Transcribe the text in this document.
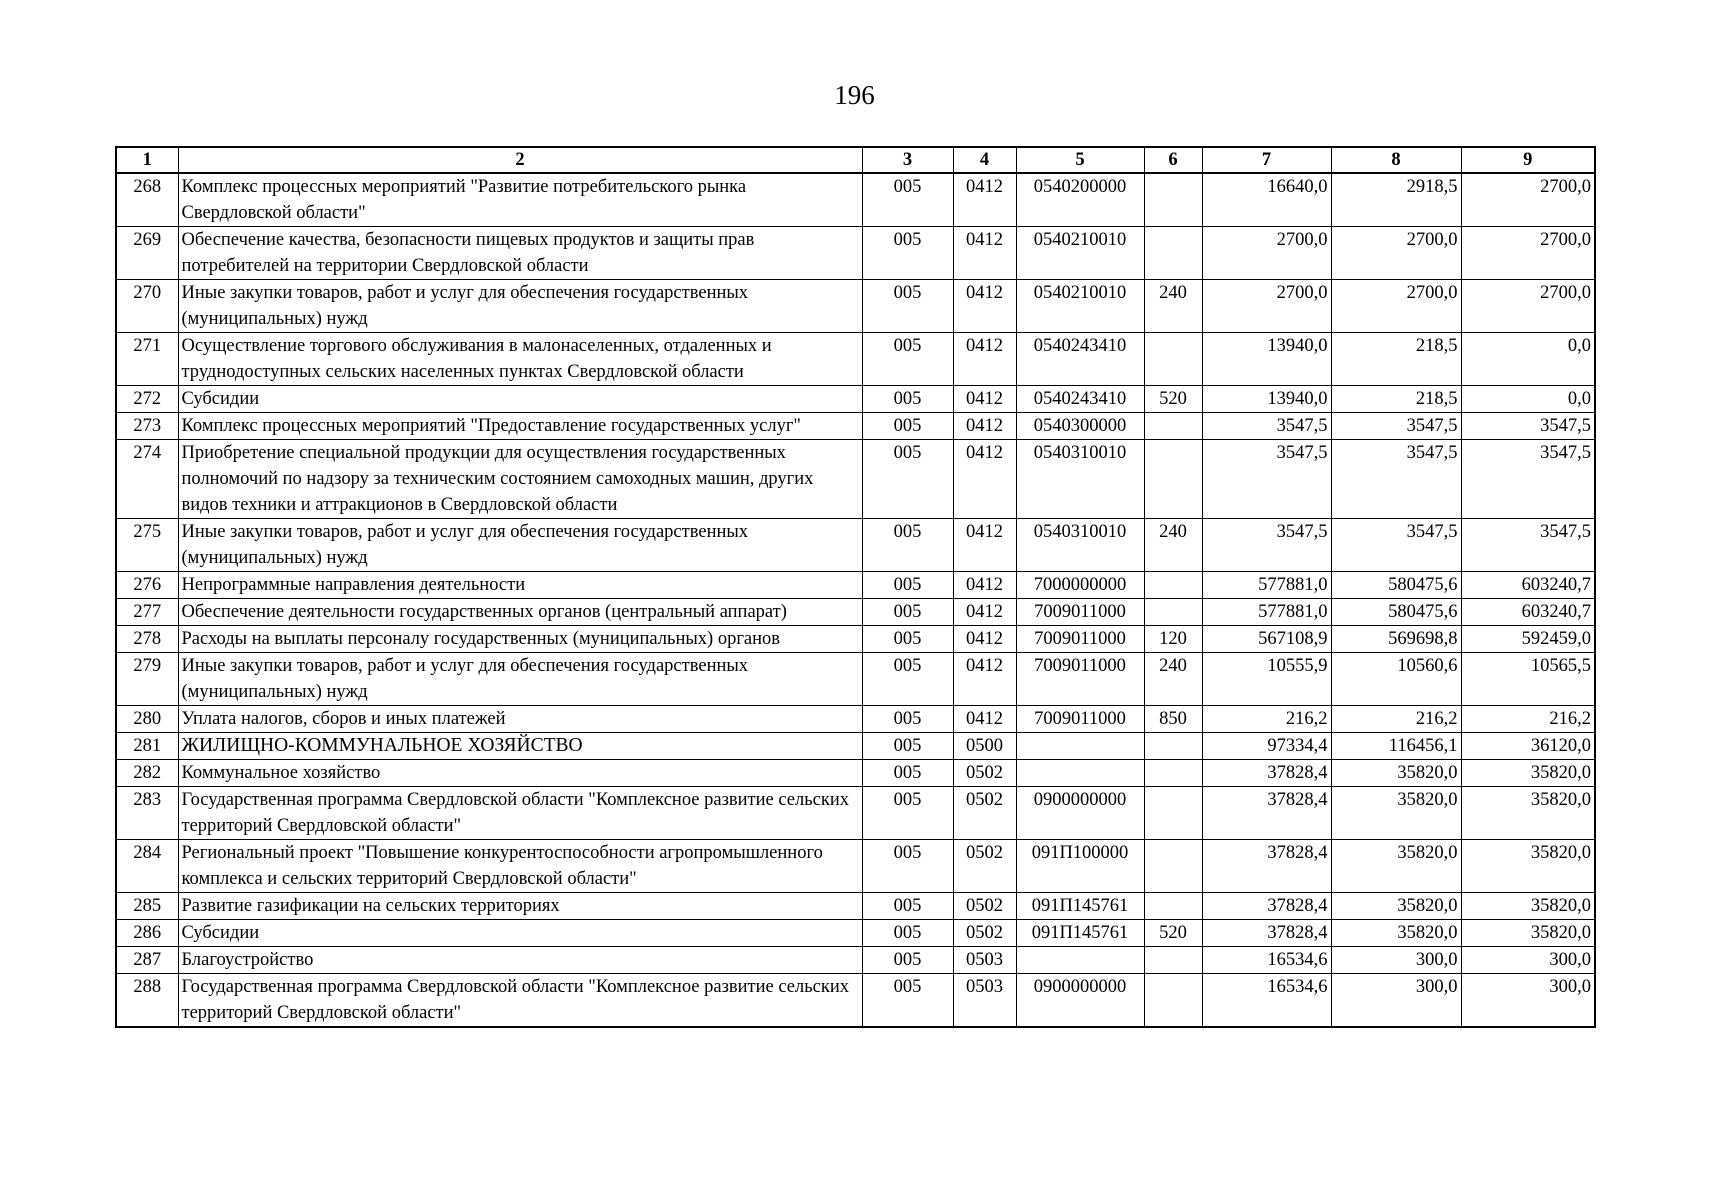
196
1	2	3	4	5	6	7	8	9
268	Комплекс процессных мероприятий "Развитие потребительского рынка Свердловской области"	005	0412	0540200000		16640,0	2918,5	2700,0
269	Обеспечение качества, безопасности пищевых продуктов и защиты прав потребителей на территории Свердловской области	005	0412	0540210010		2700,0	2700,0	2700,0
270	Иные закупки товаров, работ и услуг для обеспечения государственных (муниципальных) нужд	005	0412	0540210010	240	2700,0	2700,0	2700,0
271	Осуществление торгового обслуживания в малонаселенных, отдаленных и труднодоступных сельских населенных пунктах Свердловской области	005	0412	0540243410		13940,0	218,5	0,0
272	Субсидии	005	0412	0540243410	520	13940,0	218,5	0,0
273	Комплекс процессных мероприятий "Предоставление государственных услуг"	005	0412	0540300000		3547,5	3547,5	3547,5
274	Приобретение специальной продукции для осуществления государственных полномочий по надзору за техническим состоянием самоходных машин, других видов техники и аттракционов в Свердловской области	005	0412	0540310010		3547,5	3547,5	3547,5
275	Иные закупки товаров, работ и услуг для обеспечения государственных (муниципальных) нужд	005	0412	0540310010	240	3547,5	3547,5	3547,5
276	Непрограммные направления деятельности	005	0412	7000000000		577881,0	580475,6	603240,7
277	Обеспечение деятельности государственных органов (центральный аппарат)	005	0412	7009011000		577881,0	580475,6	603240,7
278	Расходы на выплаты персоналу государственных (муниципальных) органов	005	0412	7009011000	120	567108,9	569698,8	592459,0
279	Иные закупки товаров, работ и услуг для обеспечения государственных (муниципальных) нужд	005	0412	7009011000	240	10555,9	10560,6	10565,5
280	Уплата налогов, сборов и иных платежей	005	0412	7009011000	850	216,2	216,2	216,2
281	ЖИЛИЩНО-КОММУНАЛЬНОЕ ХОЗЯЙСТВО	005	0500			97334,4	116456,1	36120,0
282	Коммунальное хозяйство	005	0502			37828,4	35820,0	35820,0
283	Государственная программа Свердловской области "Комплексное развитие сельских территорий Свердловской области"	005	0502	0900000000		37828,4	35820,0	35820,0
284	Региональный проект "Повышение конкурентоспособности агропромышленного комплекса и сельских территорий Свердловской области"	005	0502	091П100000		37828,4	35820,0	35820,0
285	Развитие газификации на сельских территориях	005	0502	091П145761		37828,4	35820,0	35820,0
286	Субсидии	005	0502	091П145761	520	37828,4	35820,0	35820,0
287	Благоустройство	005	0503			16534,6	300,0	300,0
288	Государственная программа Свердловской области "Комплексное развитие сельских территорий Свердловской области"	005	0503	0900000000		16534,6	300,0	300,0
